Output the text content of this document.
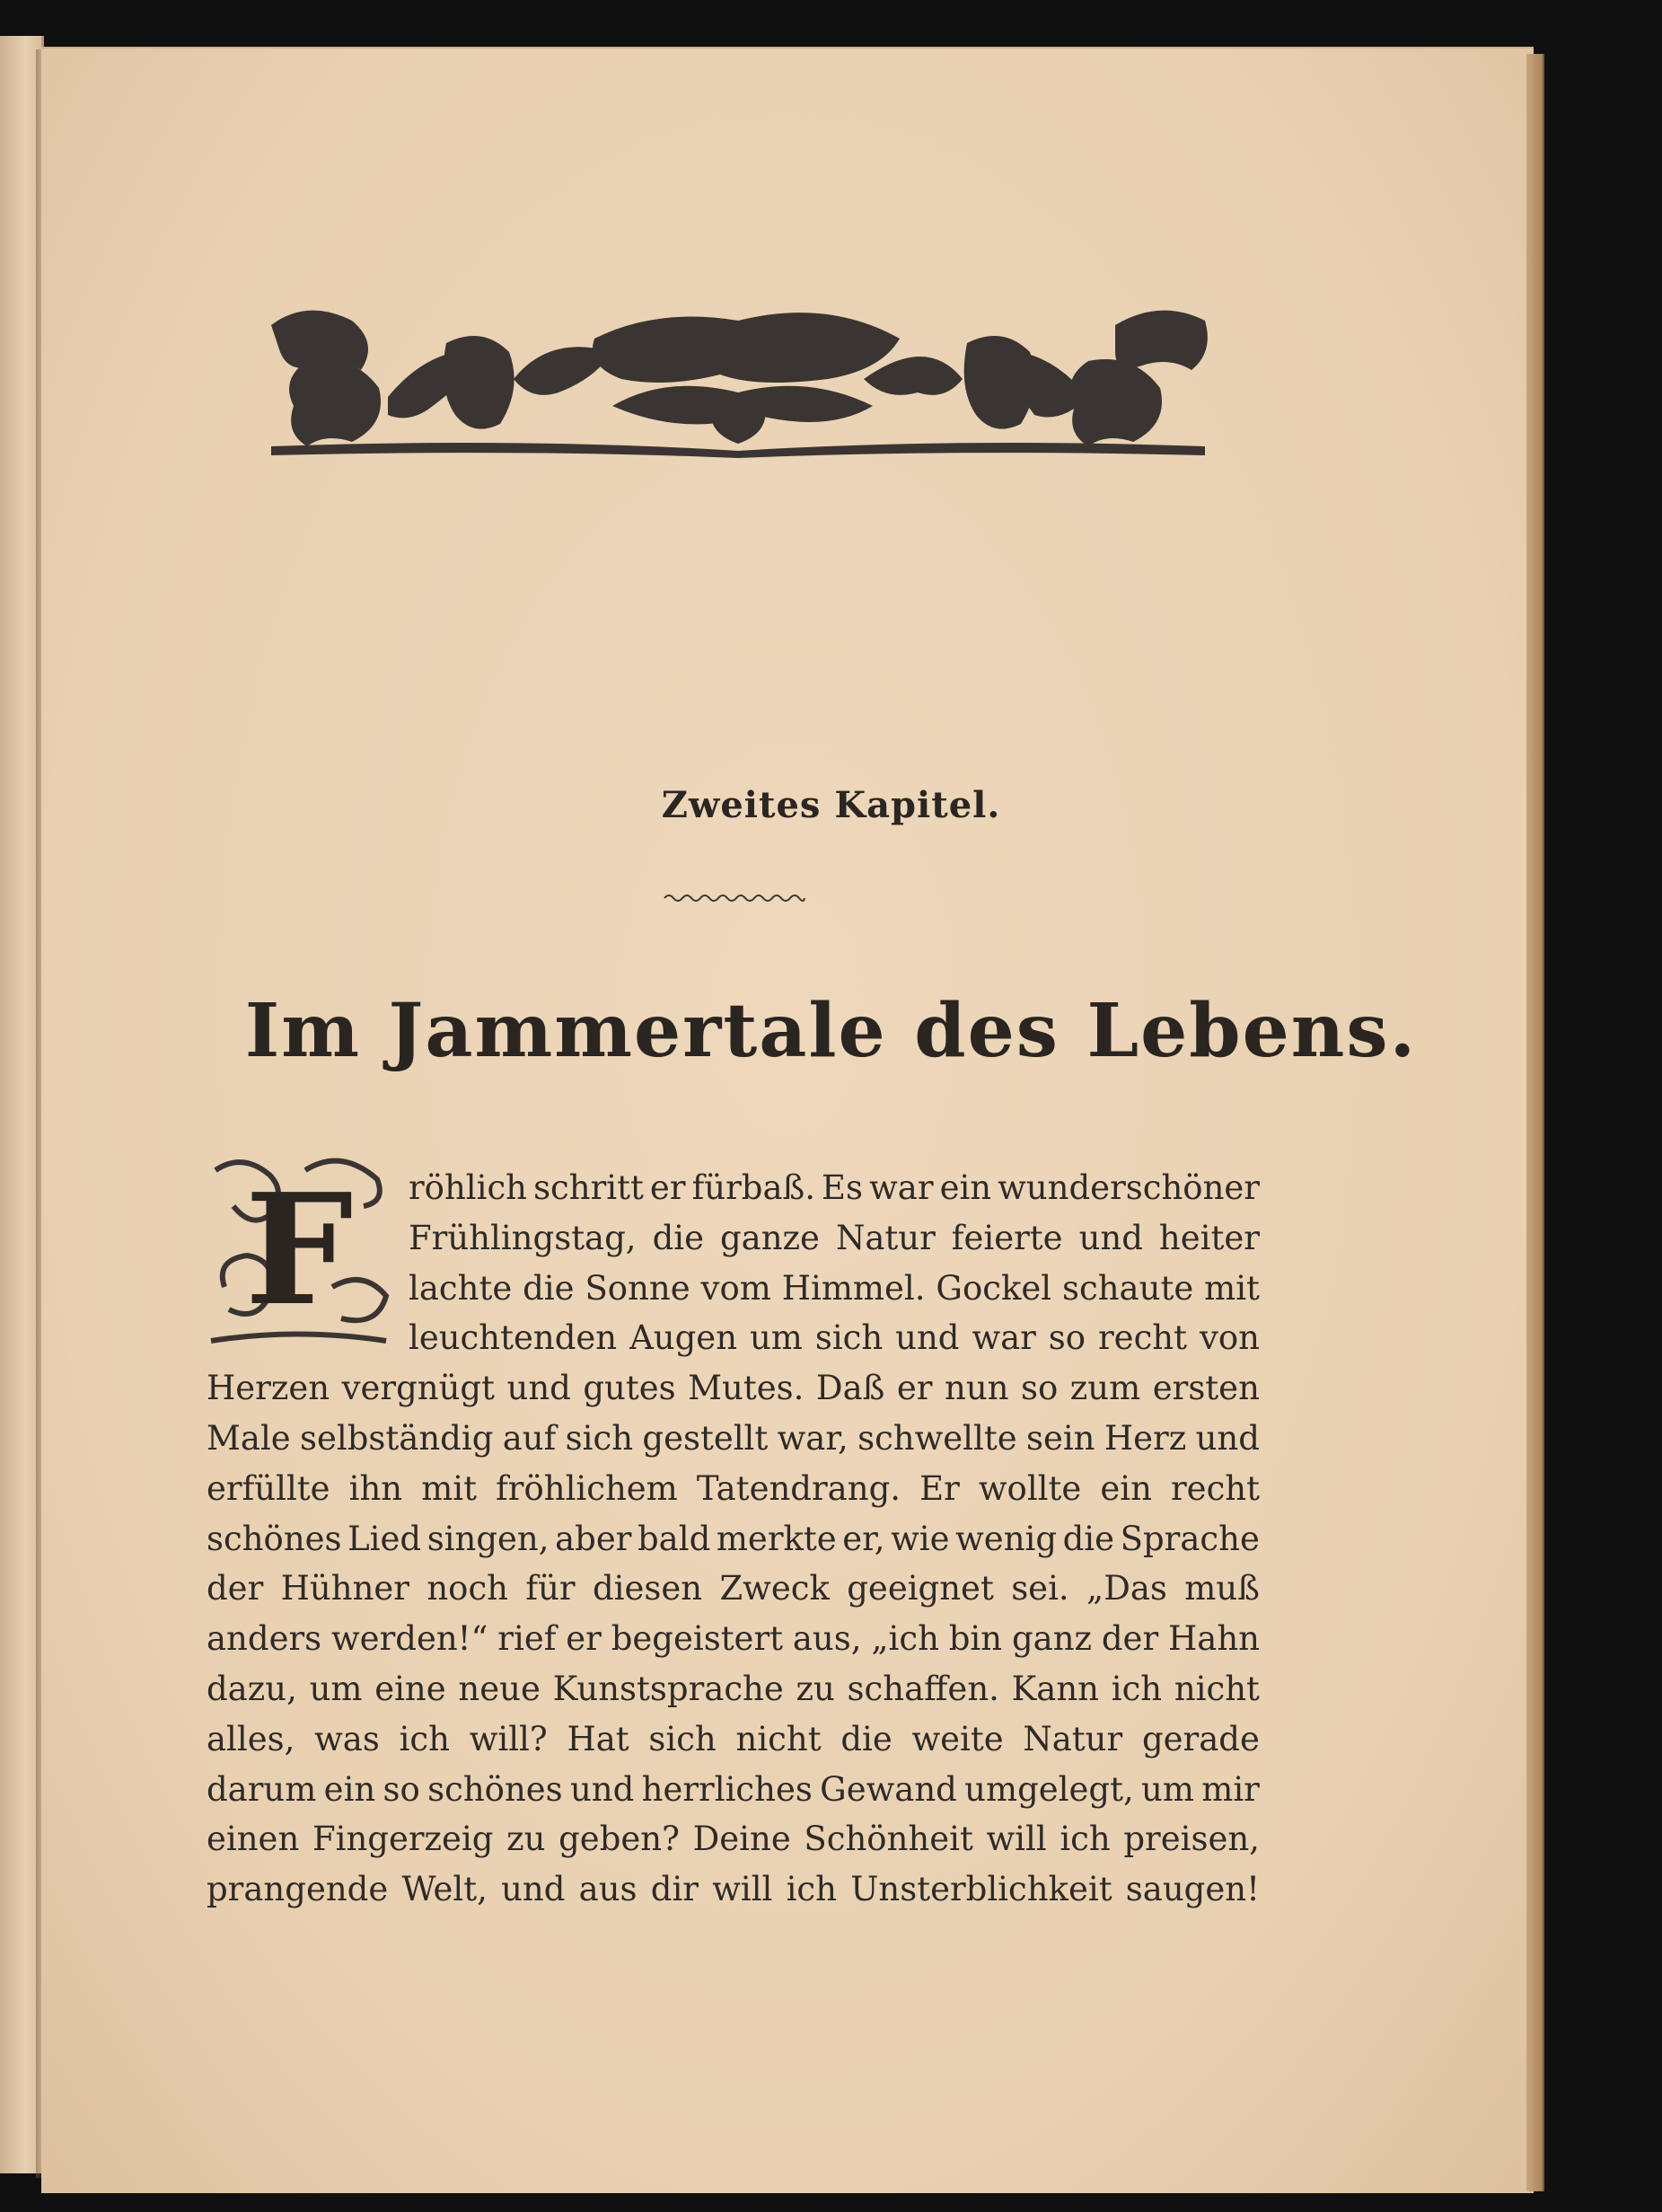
Zweites Kapitel.
Im Jammertale des Lebens.
F röhlich schritt er fürbaß. Es war ein wunderschöner
Frühlingstag, die ganze Natur feierte und heiter
lachte die Sonne vom Himmel. Gockel schaute mit
leuchtenden Augen um sich und war so recht von
Herzen vergnügt und gutes Mutes. Daß er nun so zum ersten
Male selbständig auf sich gestellt war, schwellte sein Herz und
erfüllte ihn mit fröhlichem Tatendrang. Er wollte ein recht
schönes Lied singen, aber bald merkte er, wie wenig die Sprache
der Hühner noch für diesen Zweck geeignet sei. „Das muß
anders werden!“ rief er begeistert aus, „ich bin ganz der Hahn
dazu, um eine neue Kunstsprache zu schaffen. Kann ich nicht
alles, was ich will? Hat sich nicht die weite Natur gerade
darum ein so schönes und herrliches Gewand umgelegt, um mir
einen Fingerzeig zu geben? Deine Schönheit will ich preisen,
prangende Welt, und aus dir will ich Unsterblichkeit saugen!
